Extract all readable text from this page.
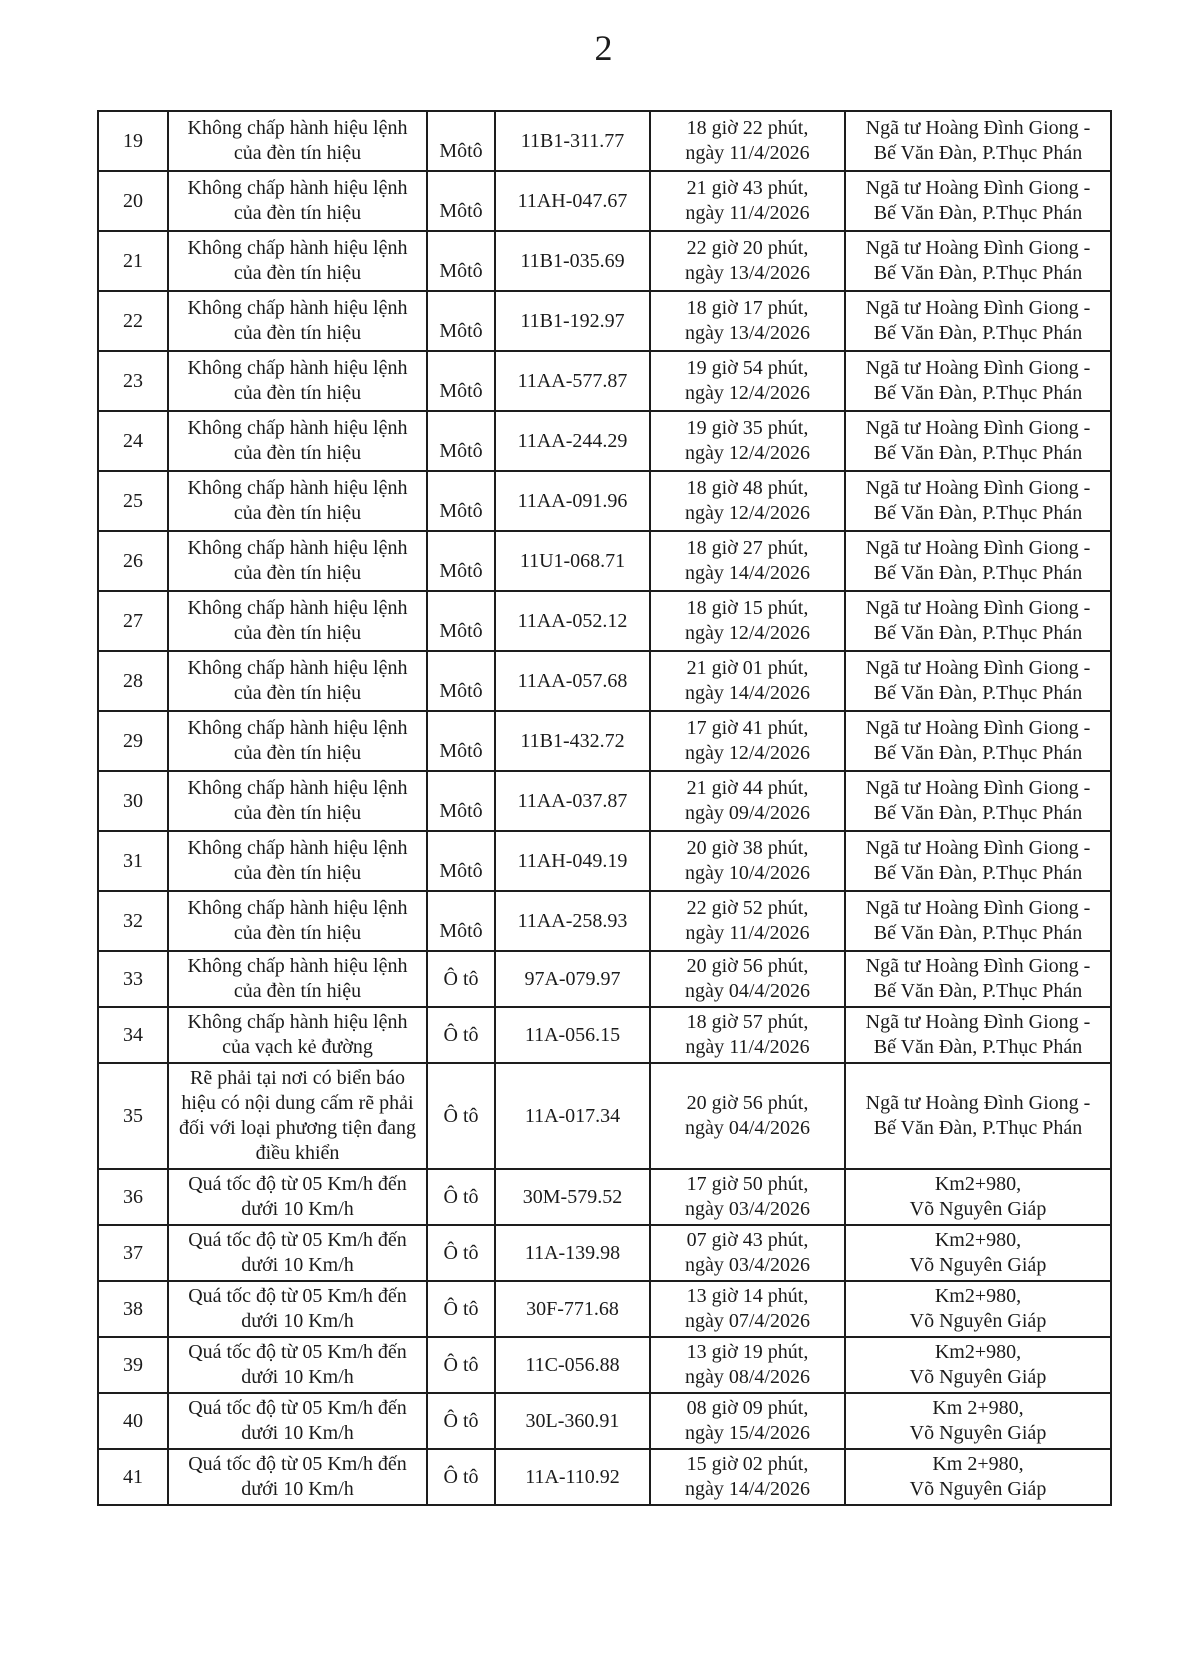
2
19	Không chấp hành hiệu lệnh của đèn tín hiệu	Môtô	11B1-311.77	18 giờ 22 phút,
ngày 11/4/2026	Ngã tư Hoàng Đình Giong -
Bế Văn Đàn, P.Thục Phán

20	Không chấp hành hiệu lệnh của đèn tín hiệu	Môtô	11AH-047.67	21 giờ 43 phút,
ngày 11/4/2026	Ngã tư Hoàng Đình Giong -
Bế Văn Đàn, P.Thục Phán

21	Không chấp hành hiệu lệnh của đèn tín hiệu	Môtô	11B1-035.69	22 giờ 20 phút,
ngày 13/4/2026	Ngã tư Hoàng Đình Giong -
Bế Văn Đàn, P.Thục Phán

22	Không chấp hành hiệu lệnh của đèn tín hiệu	Môtô	11B1-192.97	18 giờ 17 phút,
ngày 13/4/2026	Ngã tư Hoàng Đình Giong -
Bế Văn Đàn, P.Thục Phán

23	Không chấp hành hiệu lệnh của đèn tín hiệu	Môtô	11AA-577.87	19 giờ 54 phút,
ngày 12/4/2026	Ngã tư Hoàng Đình Giong -
Bế Văn Đàn, P.Thục Phán

24	Không chấp hành hiệu lệnh của đèn tín hiệu	Môtô	11AA-244.29	19 giờ 35 phút,
ngày 12/4/2026	Ngã tư Hoàng Đình Giong -
Bế Văn Đàn, P.Thục Phán

25	Không chấp hành hiệu lệnh của đèn tín hiệu	Môtô	11AA-091.96	18 giờ 48 phút,
ngày 12/4/2026	Ngã tư Hoàng Đình Giong -
Bế Văn Đàn, P.Thục Phán

26	Không chấp hành hiệu lệnh của đèn tín hiệu	Môtô	11U1-068.71	18 giờ 27 phút,
ngày 14/4/2026	Ngã tư Hoàng Đình Giong -
Bế Văn Đàn, P.Thục Phán

27	Không chấp hành hiệu lệnh của đèn tín hiệu	Môtô	11AA-052.12	18 giờ 15 phút,
ngày 12/4/2026	Ngã tư Hoàng Đình Giong -
Bế Văn Đàn, P.Thục Phán

28	Không chấp hành hiệu lệnh của đèn tín hiệu	Môtô	11AA-057.68	21 giờ 01 phút,
ngày 14/4/2026	Ngã tư Hoàng Đình Giong -
Bế Văn Đàn, P.Thục Phán

29	Không chấp hành hiệu lệnh của đèn tín hiệu	Môtô	11B1-432.72	17 giờ 41 phút,
ngày 12/4/2026	Ngã tư Hoàng Đình Giong -
Bế Văn Đàn, P.Thục Phán

30	Không chấp hành hiệu lệnh của đèn tín hiệu	Môtô	11AA-037.87	21 giờ 44 phút,
ngày 09/4/2026	Ngã tư Hoàng Đình Giong -
Bế Văn Đàn, P.Thục Phán

31	Không chấp hành hiệu lệnh của đèn tín hiệu	Môtô	11AH-049.19	20 giờ 38 phút,
ngày 10/4/2026	Ngã tư Hoàng Đình Giong -
Bế Văn Đàn, P.Thục Phán

32	Không chấp hành hiệu lệnh của đèn tín hiệu	Môtô	11AA-258.93	22 giờ 52 phút,
ngày 11/4/2026	Ngã tư Hoàng Đình Giong -
Bế Văn Đàn, P.Thục Phán

33	Không chấp hành hiệu lệnh của đèn tín hiệu	Ô tô	97A-079.97	20 giờ 56 phút,
ngày 04/4/2026	Ngã tư Hoàng Đình Giong -
Bế Văn Đàn, P.Thục Phán

34	Không chấp hành hiệu lệnh của vạch kẻ đường	Ô tô	11A-056.15	18 giờ 57 phút,
ngày 11/4/2026	Ngã tư Hoàng Đình Giong -
Bế Văn Đàn, P.Thục Phán

35	Rẽ phải tại nơi có biển báo hiệu có nội dung cấm rẽ phải đối với loại phương tiện đang điều khiển	Ô tô	11A-017.34	20 giờ 56 phút,
ngày 04/4/2026	Ngã tư Hoàng Đình Giong -
Bế Văn Đàn, P.Thục Phán

36	Quá tốc độ từ 05 Km/h đến dưới 10 Km/h	Ô tô	30M-579.52	17 giờ 50 phút,
ngày 03/4/2026	Km2+980,
Võ Nguyên Giáp

37	Quá tốc độ từ 05 Km/h đến dưới 10 Km/h	Ô tô	11A-139.98	07 giờ 43 phút,
ngày 03/4/2026	Km2+980,
Võ Nguyên Giáp

38	Quá tốc độ từ 05 Km/h đến dưới 10 Km/h	Ô tô	30F-771.68	13 giờ 14 phút,
ngày 07/4/2026	Km2+980,
Võ Nguyên Giáp

39	Quá tốc độ từ 05 Km/h đến dưới 10 Km/h	Ô tô	11C-056.88	13 giờ 19 phút,
ngày 08/4/2026	Km2+980,
Võ Nguyên Giáp

40	Quá tốc độ từ 05 Km/h đến dưới 10 Km/h	Ô tô	30L-360.91	08 giờ 09 phút,
ngày 15/4/2026	Km 2+980,
Võ Nguyên Giáp

41	Quá tốc độ từ 05 Km/h đến dưới 10 Km/h	Ô tô	11A-110.92	15 giờ 02 phút,
ngày 14/4/2026	Km 2+980,
Võ Nguyên Giáp
